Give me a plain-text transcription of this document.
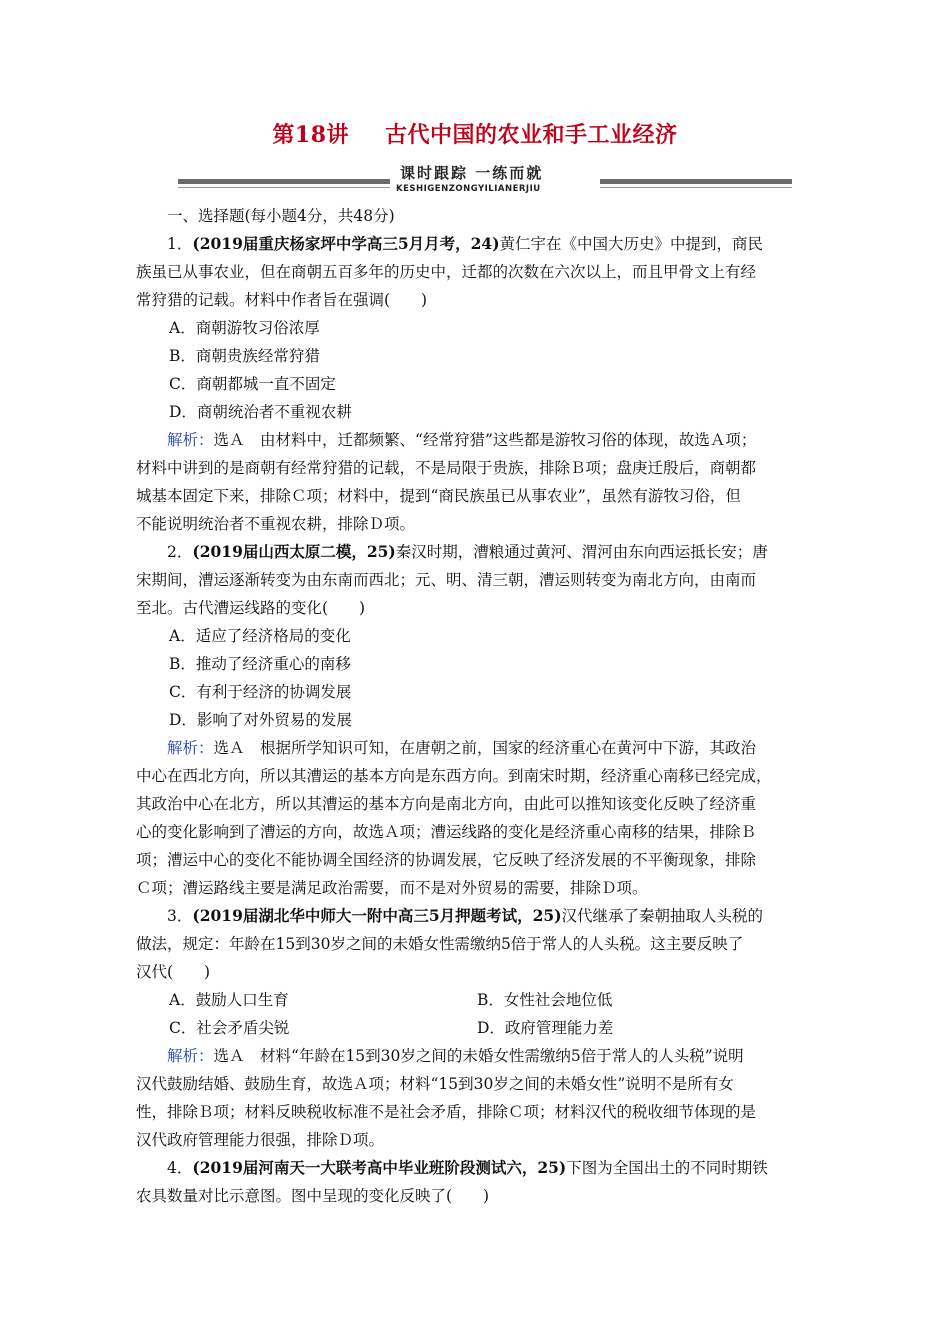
第18讲 古代中国的农业和手工业经济
课时跟踪 一练而就
KESHIGENZONGYILIANERJIU

一、选择题(每小题4分，共48分)

1．(2019届重庆杨家坪中学高三5月月考，24)黄仁宇在《中国大历史》中提到，商民

族虽已从事农业，但在商朝五百多年的历史中，迁都的次数在六次以上，而且甲骨文上有经

常狩猎的记载。材料中作者旨在强调(　　)

A．商朝游牧习俗浓厚

B．商朝贵族经常狩猎

C．商朝都城一直不固定

D．商朝统治者不重视农耕

解析：选Ａ　由材料中，迁都频繁、“经常狩猎”这些都是游牧习俗的体现，故选Ａ项；

材料中讲到的是商朝有经常狩猎的记载，不是局限于贵族，排除Ｂ项；盘庚迁殷后，商朝都

城基本固定下来，排除Ｃ项；材料中，提到“商民族虽已从事农业”，虽然有游牧习俗，但

不能说明统治者不重视农耕，排除Ｄ项。

2．(2019届山西太原二模，25)秦汉时期，漕粮通过黄河、渭河由东向西运抵长安；唐

宋期间，漕运逐渐转变为由东南而西北；元、明、清三朝，漕运则转变为南北方向，由南而

至北。古代漕运线路的变化(　　)

A．适应了经济格局的变化

B．推动了经济重心的南移

C．有利于经济的协调发展

D．影响了对外贸易的发展

解析：选Ａ　根据所学知识可知，在唐朝之前，国家的经济重心在黄河中下游，其政治

中心在西北方向，所以其漕运的基本方向是东西方向。到南宋时期，经济重心南移已经完成，

其政治中心在北方，所以其漕运的基本方向是南北方向，由此可以推知该变化反映了经济重

心的变化影响到了漕运的方向，故选Ａ项；漕运线路的变化是经济重心南移的结果，排除Ｂ

项；漕运中心的变化不能协调全国经济的协调发展，它反映了经济发展的不平衡现象，排除

Ｃ项；漕运路线主要是满足政治需要，而不是对外贸易的需要，排除Ｄ项。

3．(2019届湖北华中师大一附中高三5月押题考试，25)汉代继承了秦朝抽取人头税的

做法，规定：年龄在15到30岁之间的未婚女性需缴纳5倍于常人的人头税。这主要反映了

汉代(　　)

A．鼓励人口生育	B．女性社会地位低
C．社会矛盾尖锐	D．政府管理能力差

解析：选Ａ　材料“年龄在15到30岁之间的未婚女性需缴纳5倍于常人的人头税”说明

汉代鼓励结婚、鼓励生育，故选Ａ项；材料“15到30岁之间的未婚女性”说明不是所有女

性，排除Ｂ项；材料反映税收标准不是社会矛盾，排除Ｃ项；材料汉代的税收细节体现的是

汉代政府管理能力很强，排除Ｄ项。

4．(2019届河南天一大联考高中毕业班阶段测试六，25)下图为全国出土的不同时期铁

农具数量对比示意图。图中呈现的变化反映了(　　)
